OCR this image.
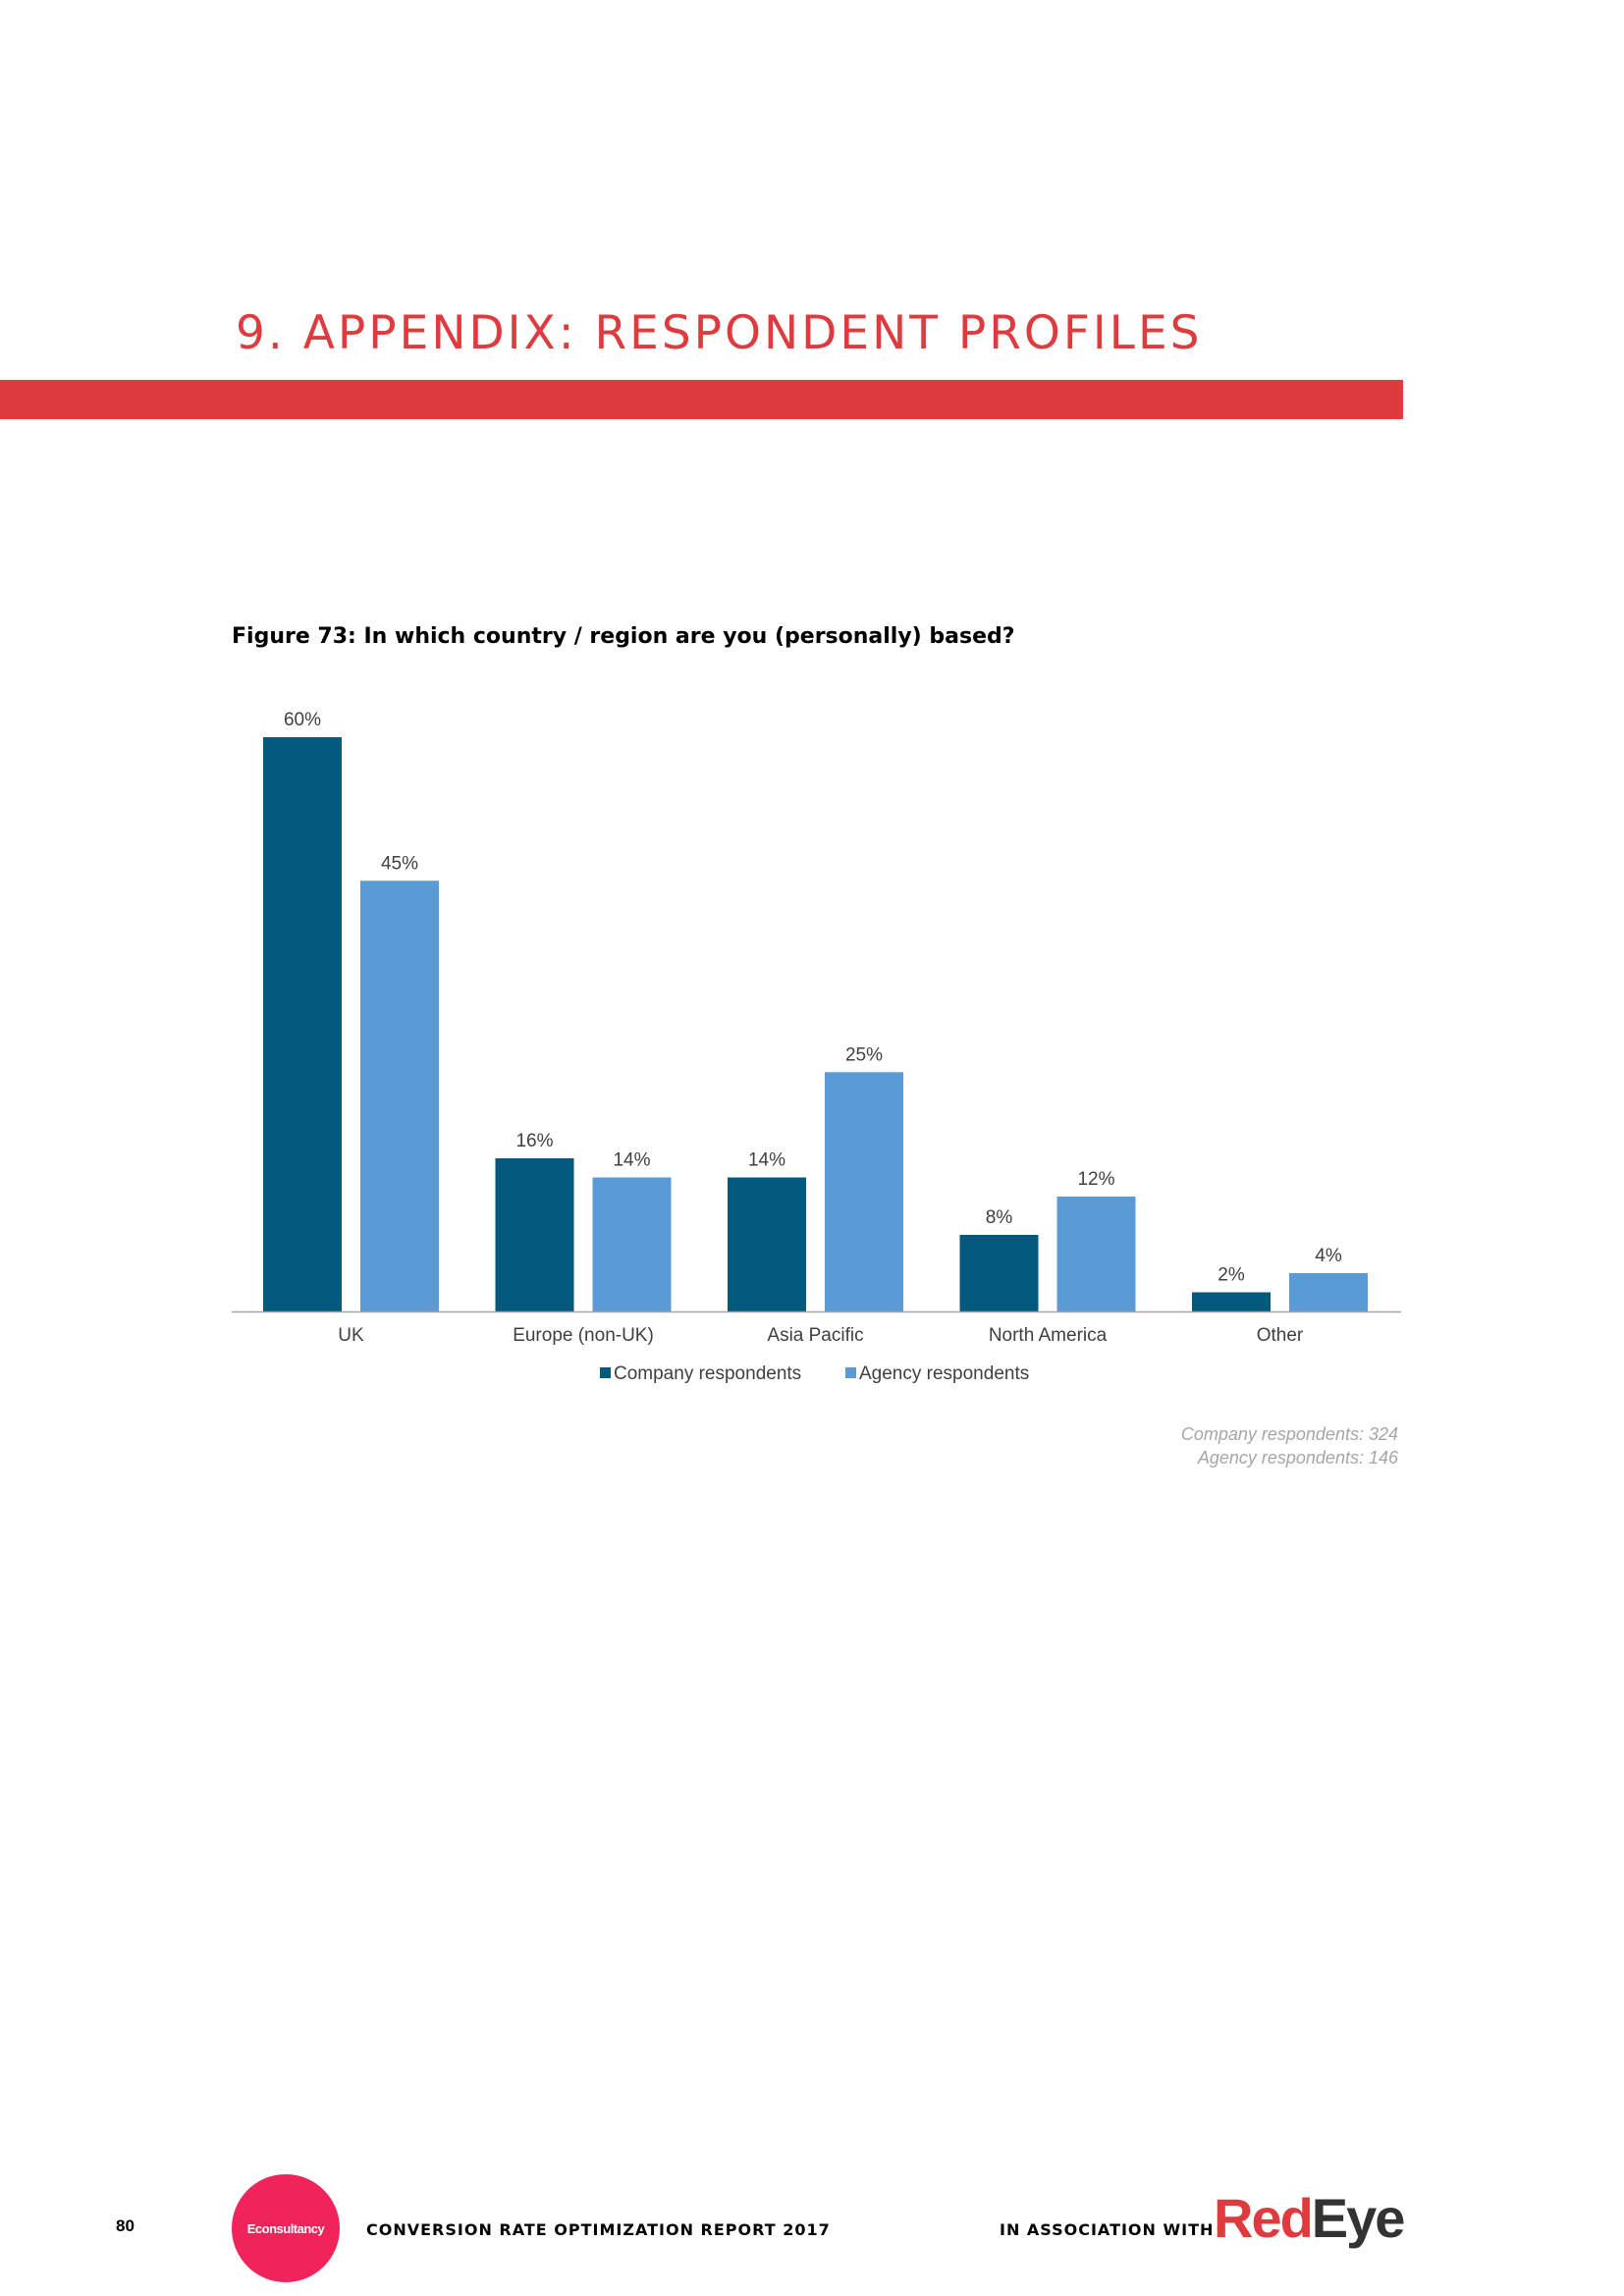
9. APPENDIX: RESPONDENT PROFILES
Figure 73: In which country / region are you (personally) based?
60%
45%
UK
16%
14%
Europe (non-UK)
14%
25%
Asia Pacific
8%
12%
North America
2%
4%
Other
Company respondents	Agency respondents
Company respondents: 324
Agency respondents: 146
80	Econsultancy	CONVERSION RATE OPTIMIZATION REPORT 2017	IN ASSOCIATION WITH RedEye
